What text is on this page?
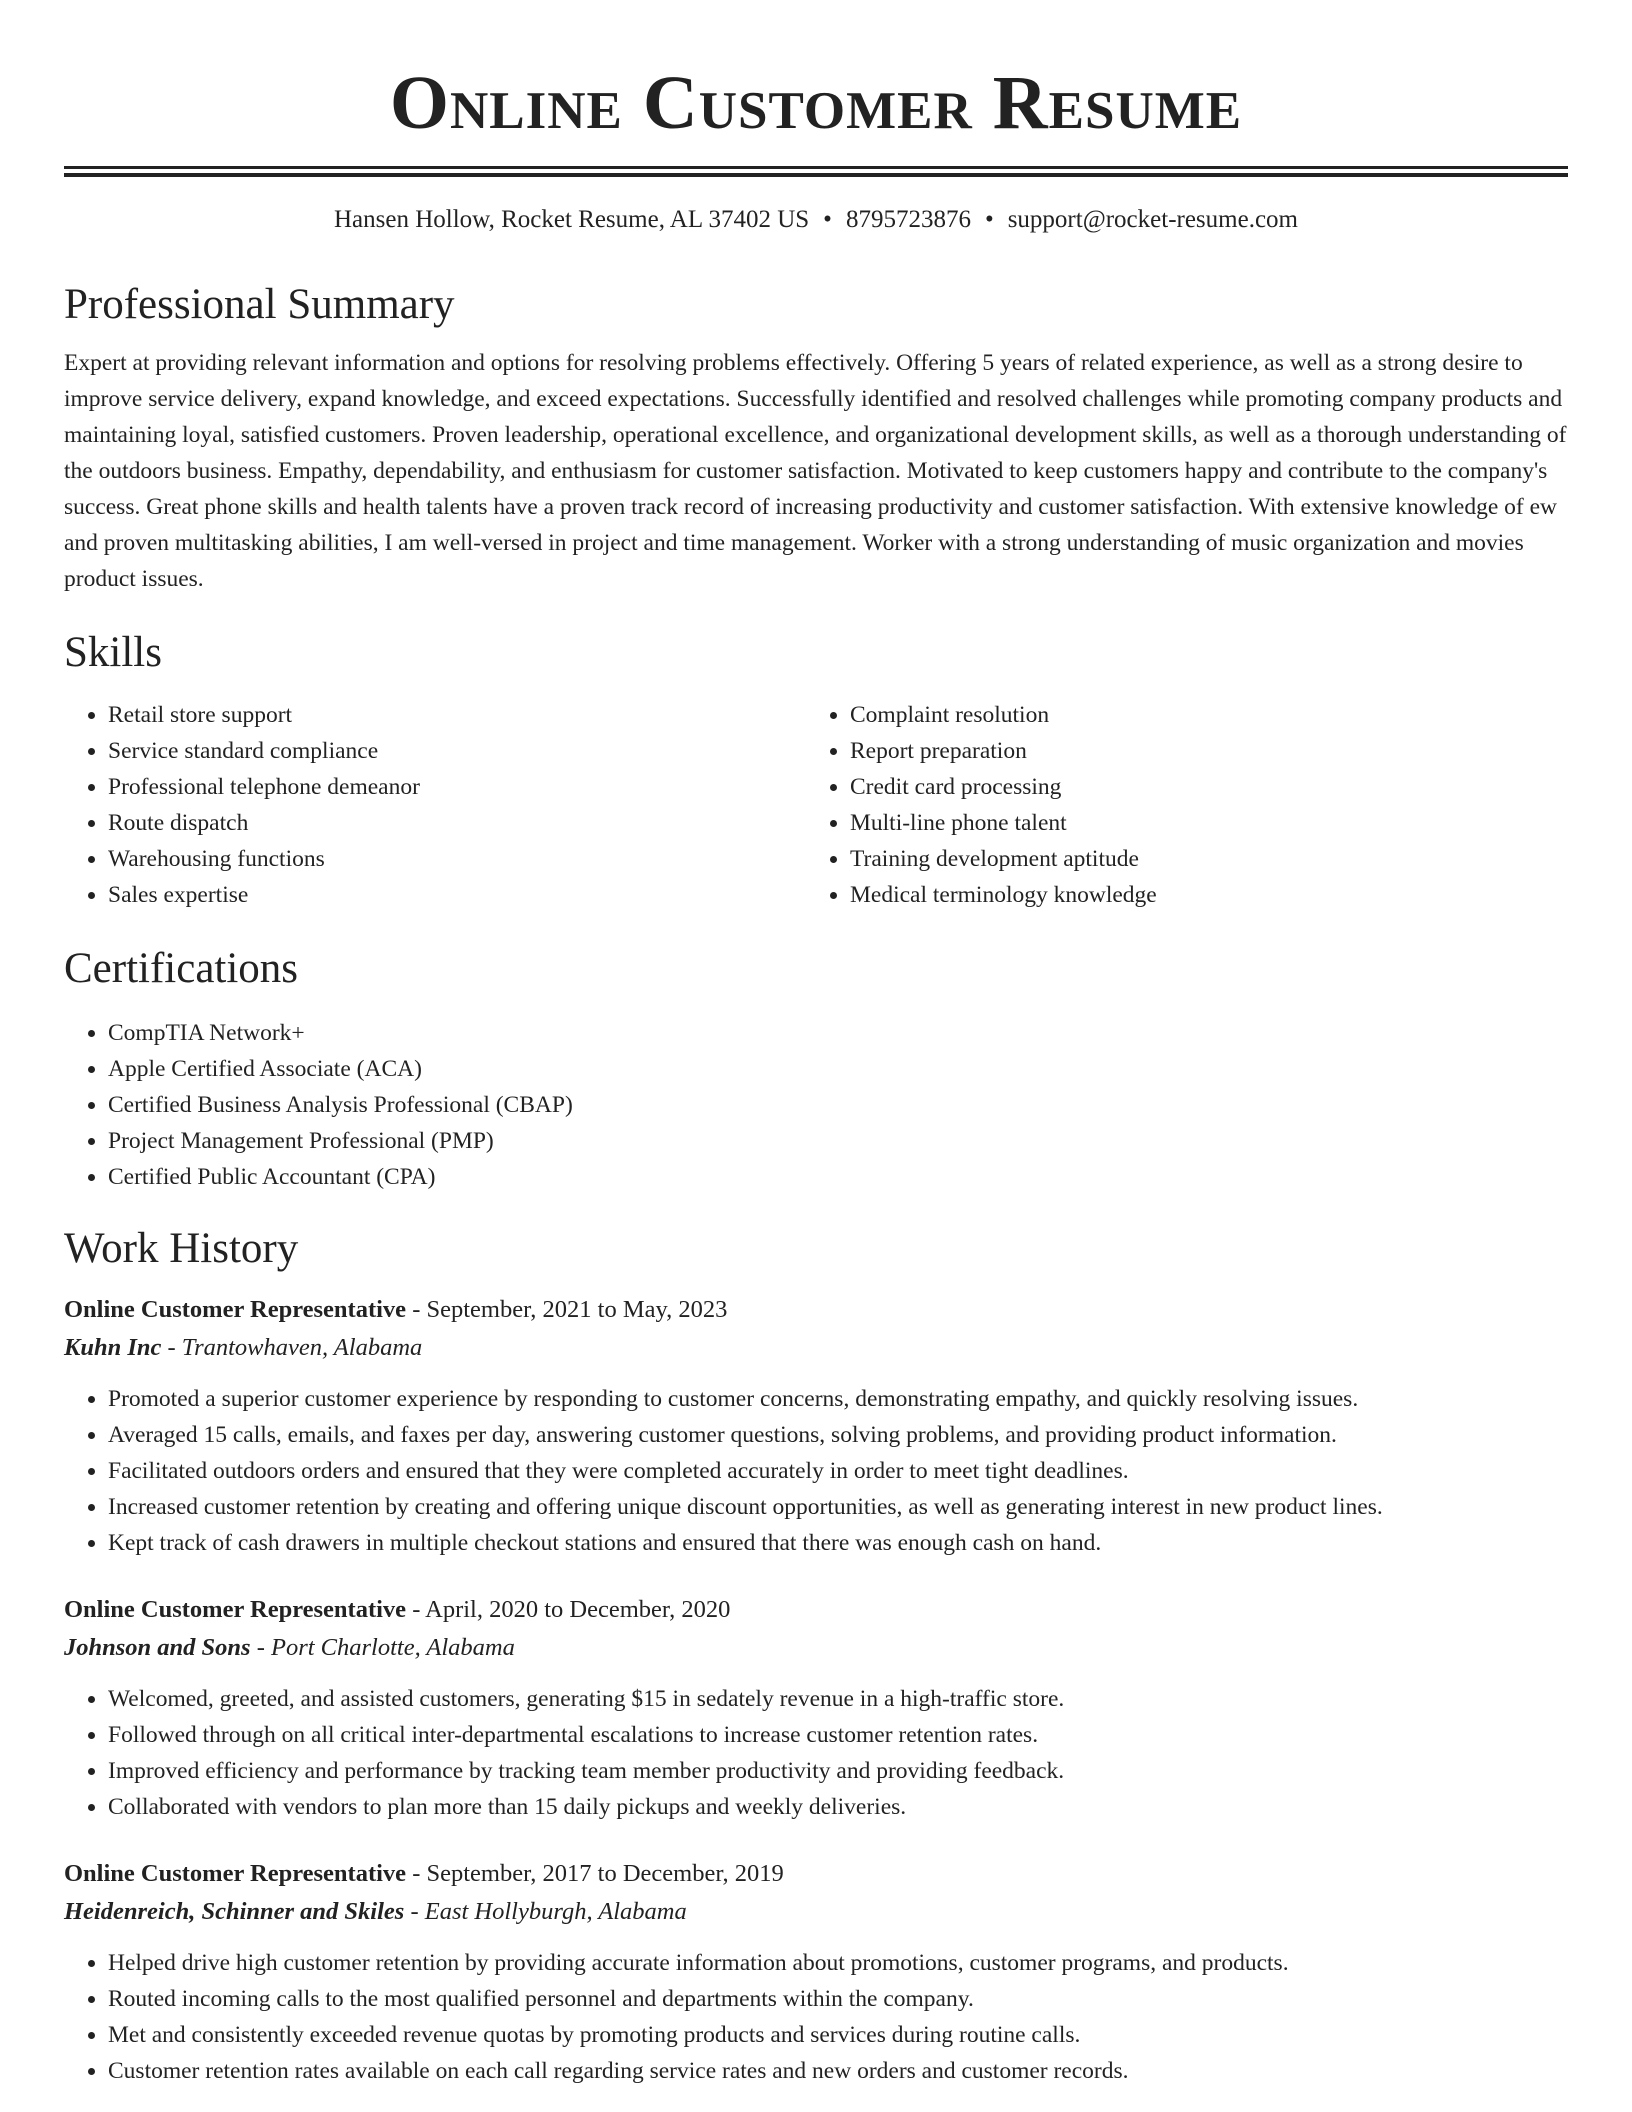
Online Customer Resume
Hansen Hollow, Rocket Resume, AL 37402 US • 8795723876 • support@rocket-resume.com
Professional Summary

Expert at providing relevant information and options for resolving problems effectively. Offering 5 years of related experience, as well as a strong desire to improve service delivery, expand knowledge, and exceed expectations. Successfully identified and resolved challenges while promoting company products and maintaining loyal, satisfied customers. Proven leadership, operational excellence, and organizational development skills, as well as a thorough understanding of the outdoors business. Empathy, dependability, and enthusiasm for customer satisfaction. Motivated to keep customers happy and contribute to the company's success. Great phone skills and health talents have a proven track record of increasing productivity and customer satisfaction. With extensive knowledge of ew and proven multitasking abilities, I am well-versed in project and time management. Worker with a strong understanding of music organization and movies product issues.

Skills
• Retail store support
• Service standard compliance
• Professional telephone demeanor
• Route dispatch
• Warehousing functions
• Sales expertise
• Complaint resolution
• Report preparation
• Credit card processing
• Multi-line phone talent
• Training development aptitude
• Medical terminology knowledge
Certifications
• CompTIA Network+
• Apple Certified Associate (ACA)
• Certified Business Analysis Professional (CBAP)
• Project Management Professional (PMP)
• Certified Public Accountant (CPA)
Work History
Online Customer Representative - September, 2021 to May, 2023
Kuhn Inc - Trantowhaven, Alabama
• Promoted a superior customer experience by responding to customer concerns, demonstrating empathy, and quickly resolving issues.
• Averaged 15 calls, emails, and faxes per day, answering customer questions, solving problems, and providing product information.
• Facilitated outdoors orders and ensured that they were completed accurately in order to meet tight deadlines.
• Increased customer retention by creating and offering unique discount opportunities, as well as generating interest in new product lines.
• Kept track of cash drawers in multiple checkout stations and ensured that there was enough cash on hand.
Online Customer Representative - April, 2020 to December, 2020
Johnson and Sons - Port Charlotte, Alabama
• Welcomed, greeted, and assisted customers, generating $15 in sedately revenue in a high-traffic store.
• Followed through on all critical inter-departmental escalations to increase customer retention rates.
• Improved efficiency and performance by tracking team member productivity and providing feedback.
• Collaborated with vendors to plan more than 15 daily pickups and weekly deliveries.
Online Customer Representative - September, 2017 to December, 2019
Heidenreich, Schinner and Skiles - East Hollyburgh, Alabama
• Helped drive high customer retention by providing accurate information about promotions, customer programs, and products.
• Routed incoming calls to the most qualified personnel and departments within the company.
• Met and consistently exceeded revenue quotas by promoting products and services during routine calls.
• Customer retention rates available on each call regarding service rates and new orders and customer records.
